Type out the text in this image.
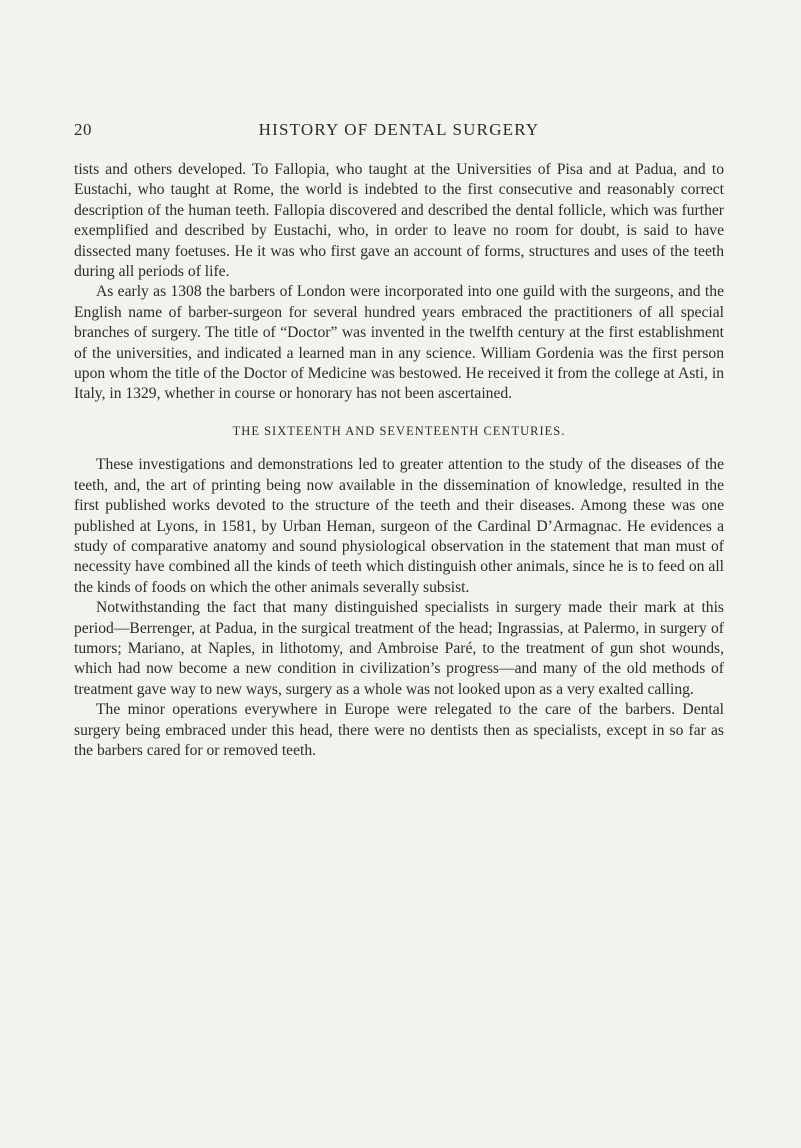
20	HISTORY OF DENTAL SURGERY

tists and others developed. To Fallopia, who taught at the Universities of Pisa and at Padua, and to Eustachi, who taught at Rome, the world is indebted to the first consecutive and reasonably correct description of the human teeth. Fallopia discovered and described the dental follicle, which was further exemplified and described by Eustachi, who, in order to leave no room for doubt, is said to have dissected many foetuses. He it was who first gave an account of forms, structures and uses of the teeth during all periods of life.

As early as 1308 the barbers of London were incorporated into one guild with the surgeons, and the English name of barber-surgeon for several hundred years embraced the practitioners of all special branches of surgery. The title of “Doctor” was invented in the twelfth century at the first establishment of the universities, and indicated a learned man in any science. William Gordenia was the first person upon whom the title of the Doctor of Medicine was bestowed. He received it from the college at Asti, in Italy, in 1329, whether in course or honorary has not been ascertained.

THE SIXTEENTH AND SEVENTEENTH CENTURIES.

These investigations and demonstrations led to greater attention to the study of the diseases of the teeth, and, the art of printing being now available in the dissemination of knowledge, resulted in the first published works devoted to the structure of the teeth and their diseases. Among these was one published at Lyons, in 1581, by Urban Heman, surgeon of the Cardinal D’Armagnac. He evidences a study of comparative anatomy and sound physiological observation in the statement that man must of necessity have combined all the kinds of teeth which distinguish other animals, since he is to feed on all the kinds of foods on which the other animals severally subsist.

Notwithstanding the fact that many distinguished specialists in surgery made their mark at this period—Berrenger, at Padua, in the surgical treatment of the head; Ingrassias, at Palermo, in surgery of tumors; Mariano, at Naples, in lithotomy, and Ambroise Paré, to the treatment of gun shot wounds, which had now become a new condition in civilization’s progress—and many of the old methods of treatment gave way to new ways, surgery as a whole was not looked upon as a very exalted calling.

The minor operations everywhere in Europe were relegated to the care of the barbers. Dental surgery being embraced under this head, there were no dentists then as specialists, except in so far as the barbers cared for or removed teeth.
